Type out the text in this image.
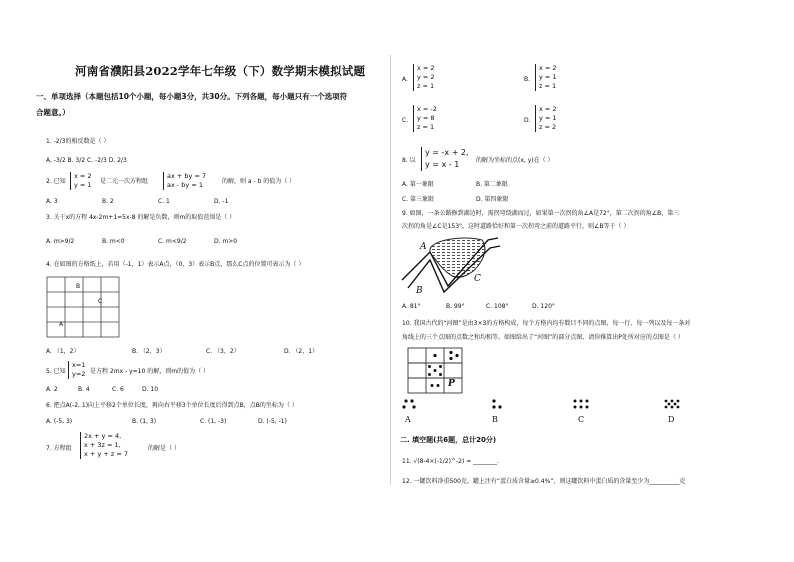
河南省濮阳县2022学年七年级（下）数学期末模拟试题
一、单项选择（本题包括10个小题，每小题3分，共30分。下列各题，每小题只有一个选项符
合题意。）
1. -2/3的相反数是（ ）
A. -3/2 B. 3/2 C. -2/3 D. 2/3
2. 已知
x = 2
y = 1 是二元一次方程组
ax + by = 7
ax - by = 1	的解，则 a - b 的值为（ ）
A. 3	B. 2	C. 1	D. -1
3. 关于x的方程 4x-2m+1=5x-8 的解是负数，则m的取值范围是（ ）
A. m>9/2	B. m<0	C. m<9/2	D. m>0
4. 在如图的方格纸上，若用（-1，1）表示A点，（0，3）表示B点，那么C点的位置可表示为（ ）
B
C
A
A. （1，2）	B. （2，3）	C. （3，2）	D. （2，1）
5. 已知
x=1
y=2 是方程 2mx - y=10 的解，则m的值为（ ）
A. 2	B. 4	C. 6	D. 10
6. 把点A(-2, 1)向上平移2个单位长度，再向右平移3个单位长度后得到点B，点B的坐标为（ ）
A. (-5, 3)	B. (1, 3)	C. (1, -3)	D. (-5, -1)
7. 方程组
2x + y = 4,
x + 3z = 1,
x + y + z = 7
的解是（ ）
A.
x = 2
y = 2
z = 1
B.
x = 2
y = 1
z = 1
C.
x = -2
y = 8
z = 1
D.
x = 2
y = 1
z = 2
8. 以
y = -x + 2,
y = x - 1	的解为坐标的点(x, y)在（ ）
A. 第一象限	B. 第二象限
C. 第三象限	D. 第四象限
9. 如图，一条公路修到湖边时，需拐弯绕湖而过，如果第一次拐的角∠A是72°，第二次拐的角∠B，第三
次拐的角是∠C是153°，这时道路恰好和第一次拐弯之前的道路平行，则∠B等于（ ）
A
B
C
A. 81°	B. 99°	C. 108°	D. 120°
10. 我国古代的“河图”是由3×3的方格构成，每个方格内均有数目不同的点图，每一行、每一列以及每一条对
角线上的三个点图的点数之和均相等。如图给出了“河图”的部分点图，请你推算出P处所对应的点图是（ ）
P
A	B	C	D
二. 填空题(共6题，总计20分)
11. √(8-4×(-1/2)^-2) = ________.
12. 一罐饮料净重500克，罐上注有“蛋白质含量≥0.4%”，则这罐饮料中蛋白质的含量至少为__________克
